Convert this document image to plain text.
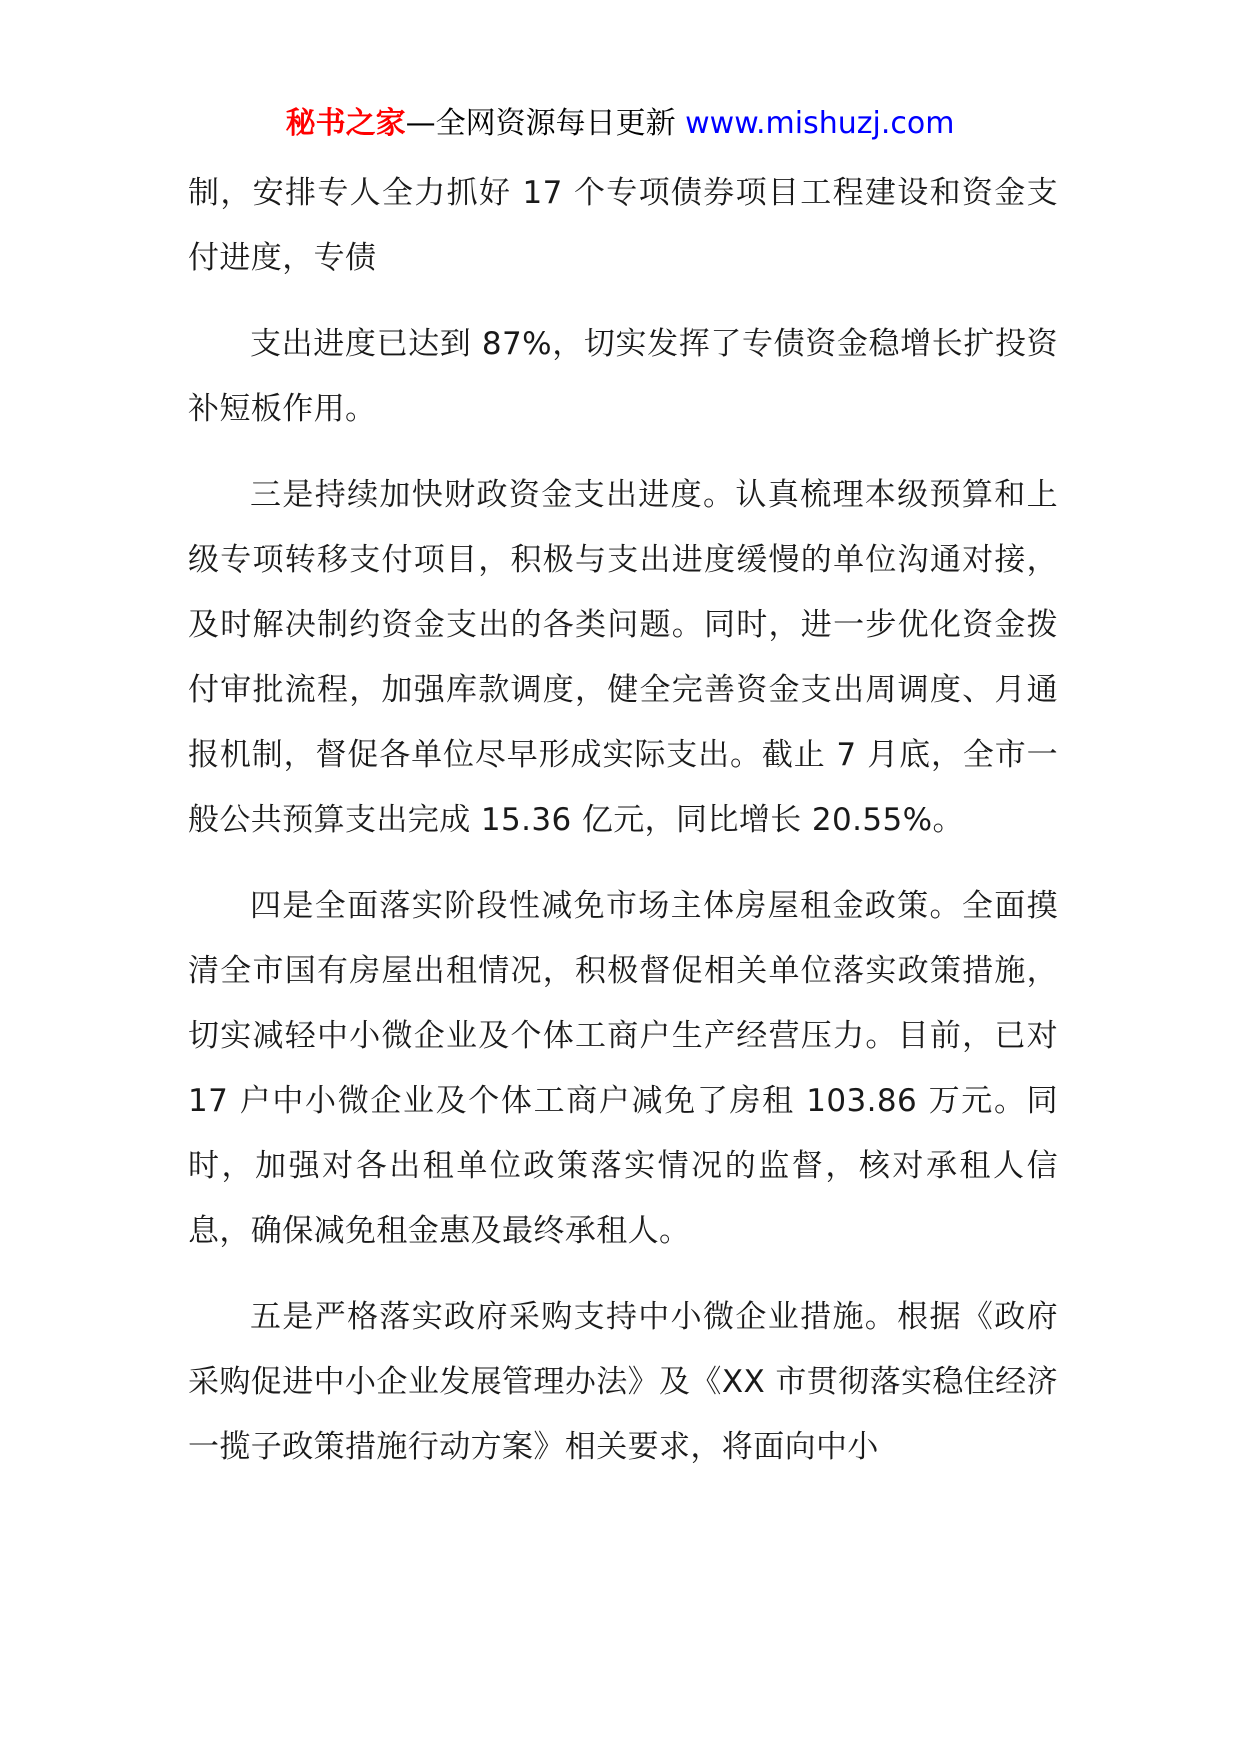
秘书之家—全网资源每日更新 www.mishuzj.com

制，安排专人全力抓好 17 个专项债券项目工程建设和资金支付进度，专债

支出进度已达到 87%，切实发挥了专债资金稳增长扩投资补短板作用。

三是持续加快财政资金支出进度。认真梳理本级预算和上级专项转移支付项目，积极与支出进度缓慢的单位沟通对接，及时解决制约资金支出的各类问题。同时，进一步优化资金拨付审批流程，加强库款调度，健全完善资金支出周调度、月通报机制，督促各单位尽早形成实际支出。截止 7 月底，全市一般公共预算支出完成 15.36 亿元，同比增长 20.55%。

四是全面落实阶段性减免市场主体房屋租金政策。全面摸清全市国有房屋出租情况，积极督促相关单位落实政策措施，切实减轻中小微企业及个体工商户生产经营压力。目前，已对 17 户中小微企业及个体工商户减免了房租 103.86 万元。同时，加强对各出租单位政策落实情况的监督，核对承租人信息，确保减免租金惠及最终承租人。

五是严格落实政府采购支持中小微企业措施。根据《政府采购促进中小企业发展管理办法》及《XX 市贯彻落实稳住经济一揽子政策措施行动方案》相关要求，将面向中小
